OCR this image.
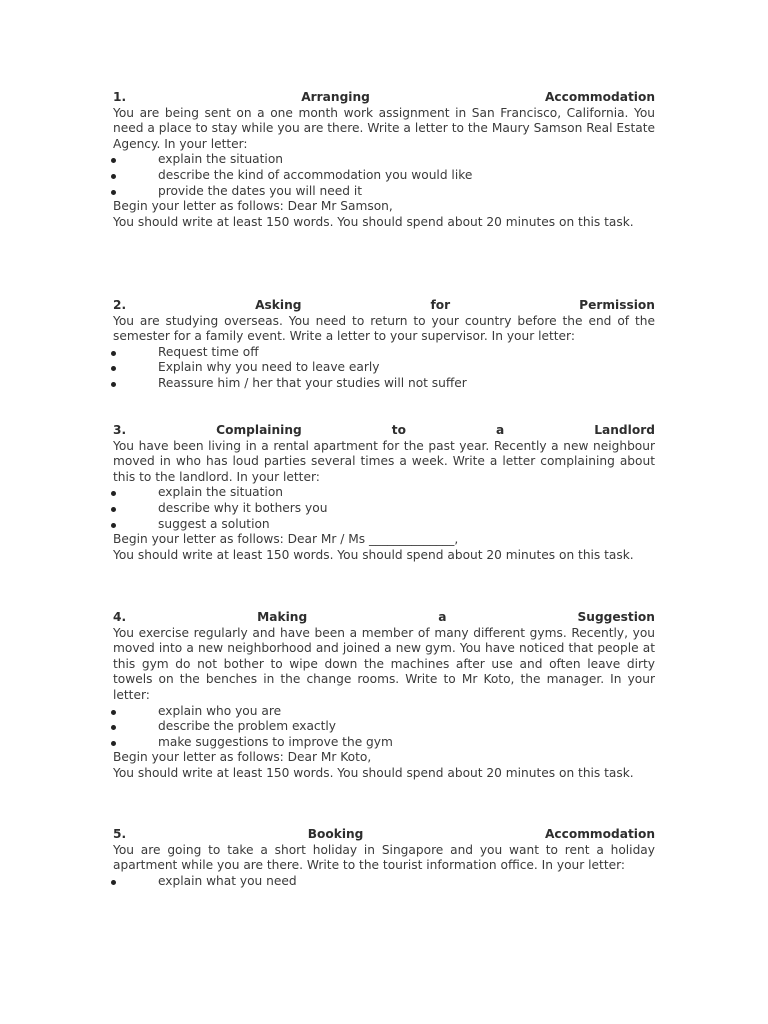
1.	Arranging	Accommodation
You are being sent on a one month work assignment in San Francisco, California. You need a place to stay while you are there. Write a letter to the Maury Samson Real Estate Agency. In your letter:
explain the situation
describe the kind of accommodation you would like
provide the dates you will need it
Begin your letter as follows: Dear Mr Samson,
You should write at least 150 words. You should spend about 20 minutes on this task.
2.	Asking	for	Permission
You are studying overseas. You need to return to your country before the end of the semester for a family event. Write a letter to your supervisor. In your letter:
Request time off
Explain why you need to leave early
Reassure him / her that your studies will not suffer
3.	Complaining	to	a	Landlord
You have been living in a rental apartment for the past year. Recently a new neighbour moved in who has loud parties several times a week. Write a letter complaining about this to the landlord. In your letter:
explain the situation
describe why it bothers you
suggest a solution
Begin your letter as follows: Dear Mr / Ms ______________,
You should write at least 150 words. You should spend about 20 minutes on this task.
4.	Making	a	Suggestion
You exercise regularly and have been a member of many different gyms. Recently, you moved into a new neighborhood and joined a new gym. You have noticed that people at this gym do not bother to wipe down the machines after use and often leave dirty towels on the benches in the change rooms. Write to Mr Koto, the manager. In your letter:
explain who you are
describe the problem exactly
make suggestions to improve the gym
Begin your letter as follows: Dear Mr Koto,
You should write at least 150 words. You should spend about 20 minutes on this task.
5.	Booking	Accommodation
You are going to take a short holiday in Singapore and you want to rent a holiday apartment while you are there. Write to the tourist information office. In your letter:
explain what you need
